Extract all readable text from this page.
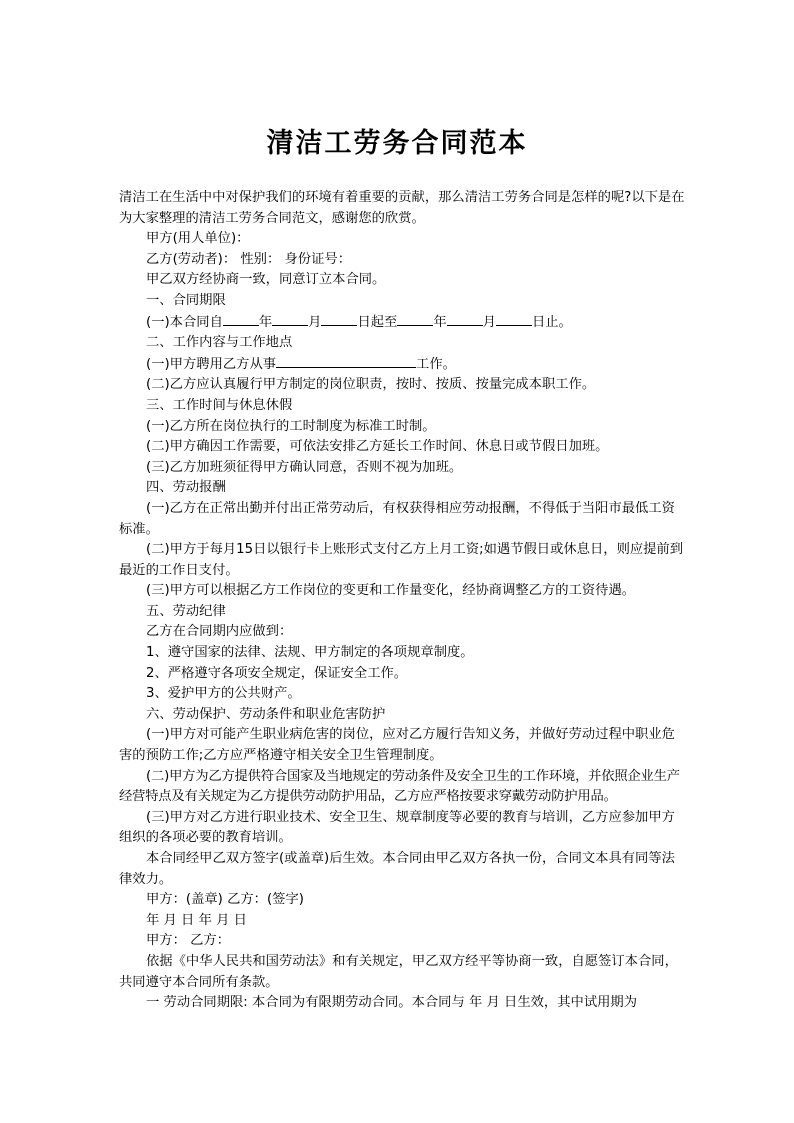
清洁工劳务合同范本

清洁工在生活中中对保护我们的环境有着重要的贡献，那么清洁工劳务合同是怎样的呢?以下是在为大家整理的清洁工劳务合同范文，感谢您的欣赏。

甲方(用人单位)：

乙方(劳动者)： 性别： 身份证号：

甲乙双方经协商一致，同意订立本合同。

一、合同期限

(一)本合同自	年	月	日起至	年	月	日止。

二、工作内容与工作地点

(一)甲方聘用乙方从事	工作。

(二)乙方应认真履行甲方制定的岗位职责，按时、按质、按量完成本职工作。

三、工作时间与休息休假

(一)乙方所在岗位执行的工时制度为标准工时制。

(二)甲方确因工作需要，可依法安排乙方延长工作时间、休息日或节假日加班。

(三)乙方加班须征得甲方确认同意，否则不视为加班。

四、劳动报酬

(一)乙方在正常出勤并付出正常劳动后，有权获得相应劳动报酬，不得低于当阳市最低工资标准。

(二)甲方于每月15日以银行卡上账形式支付乙方上月工资;如遇节假日或休息日，则应提前到最近的工作日支付。

(三)甲方可以根据乙方工作岗位的变更和工作量变化，经协商调整乙方的工资待遇。

五、劳动纪律

乙方在合同期内应做到：

1、遵守国家的法律、法规、甲方制定的各项规章制度。

2、严格遵守各项安全规定，保证安全工作。

3、爱护甲方的公共财产。

六、劳动保护、劳动条件和职业危害防护

(一)甲方对可能产生职业病危害的岗位，应对乙方履行告知义务，并做好劳动过程中职业危害的预防工作;乙方应严格遵守相关安全卫生管理制度。

(二)甲方为乙方提供符合国家及当地规定的劳动条件及安全卫生的工作环境，并依照企业生产经营特点及有关规定为乙方提供劳动防护用品，乙方应严格按要求穿戴劳动防护用品。

(三)甲方对乙方进行职业技术、安全卫生、规章制度等必要的教育与培训，乙方应参加甲方组织的各项必要的教育培训。

本合同经甲乙双方签字(或盖章)后生效。本合同由甲乙双方各执一份，合同文本具有同等法律效力。

甲方：(盖章) 乙方：(签字)

年 月 日 年 月 日

甲方： 乙方：

依据《中华人民共和国劳动法》和有关规定，甲乙双方经平等协商一致，自愿签订本合同，共同遵守本合同所有条款。

一 劳动合同期限: 本合同为有限期劳动合同。本合同与 年 月 日生效，其中试用期为
